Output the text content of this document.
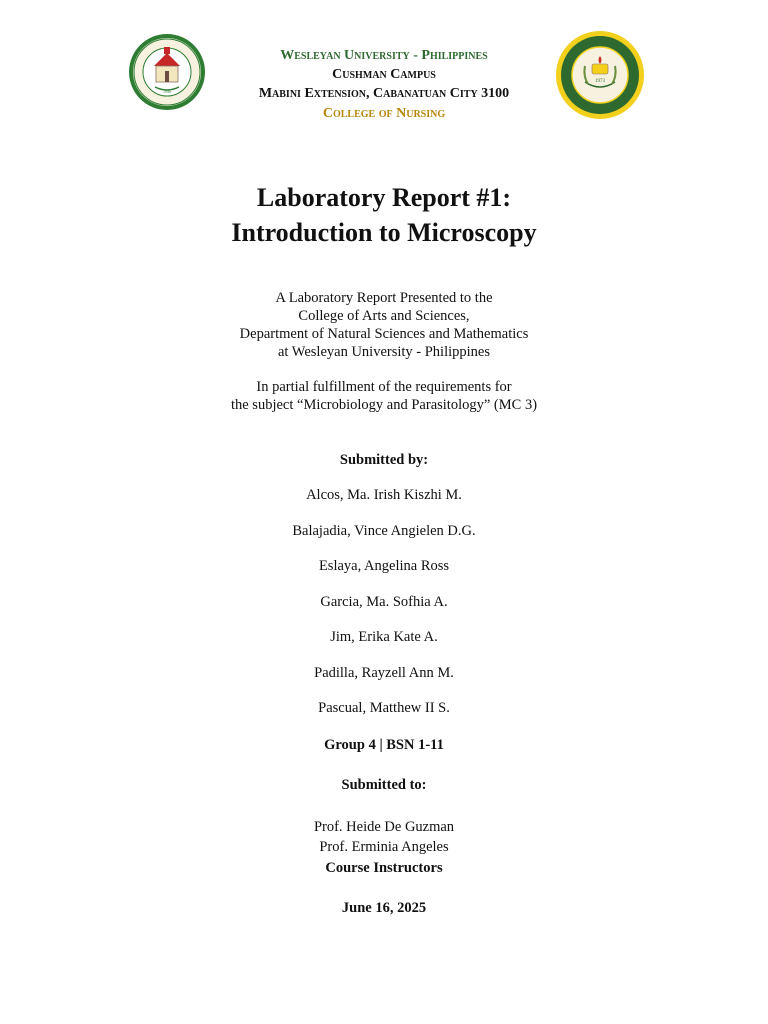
1946
Wesleyan University - Philippines
Cushman Campus
Mabini Extension, Cabanatuan City 3100
College of Nursing
1973
Laboratory Report #1:
Introduction to Microscopy
A Laboratory Report Presented to the
College of Arts and Sciences,
Department of Natural Sciences and Mathematics
at Wesleyan University - Philippines
In partial fulfillment of the requirements for
the subject “Microbiology and Parasitology” (MC 3)
Submitted by:
Alcos, Ma. Irish Kiszhi M.
Balajadia, Vince Angielen D.G.
Eslaya, Angelina Ross
Garcia, Ma. Sofhia A.
Jim, Erika Kate A.
Padilla, Rayzell Ann M.
Pascual, Matthew II S.
Group 4 | BSN 1-11
Submitted to:
Prof. Heide De Guzman
Prof. Erminia Angeles
Course Instructors
June 16, 2025
